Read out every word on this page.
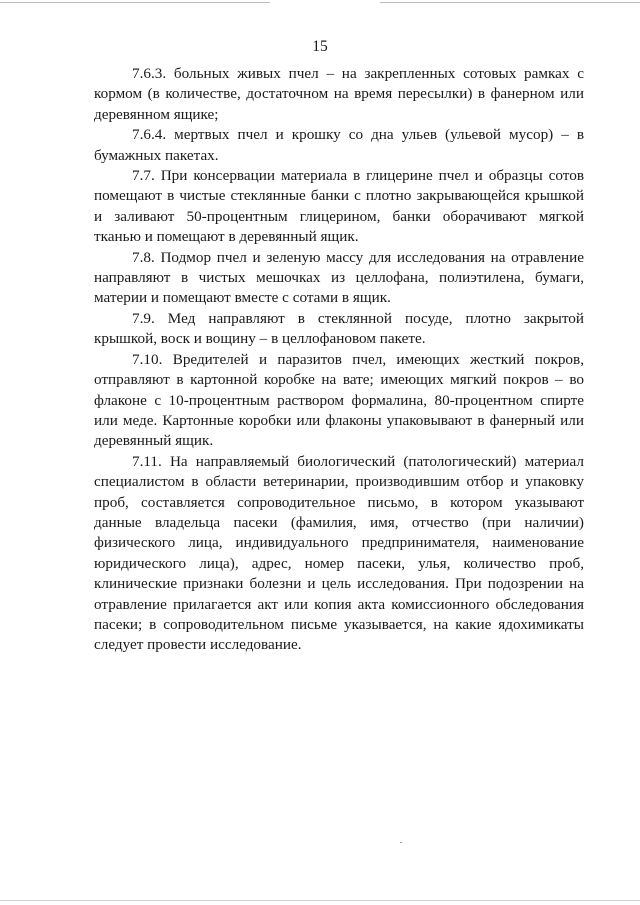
15

7.6.3. больных живых пчел – на закрепленных сотовых рамках с кормом (в количестве, достаточном на время пересылки) в фанерном или деревянном ящике;

7.6.4. мертвых пчел и крошку со дна ульев (ульевой мусор) – в бумажных пакетах.

7.7. При консервации материала в глицерине пчел и образцы сотов помещают в чистые стеклянные банки с плотно закрывающейся крышкой и заливают 50-процентным глицерином, банки оборачивают мягкой тканью и помещают в деревянный ящик.

7.8. Подмор пчел и зеленую массу для исследования на отравление направляют в чистых мешочках из целлофана, полиэтилена, бумаги, материи и помещают вместе с сотами в ящик.

7.9. Мед направляют в стеклянной посуде, плотно закрытой крышкой, воск и вощину – в целлофановом пакете.

7.10. Вредителей и паразитов пчел, имеющих жесткий покров, отправляют в картонной коробке на вате; имеющих мягкий покров – во флаконе с 10-процентным раствором формалина, 80-процентном спирте или меде. Картонные коробки или флаконы упаковывают в фанерный или деревянный ящик.

7.11. На направляемый биологический (патологический) материал специалистом в области ветеринарии, производившим отбор и упаковку проб, составляется сопроводительное письмо, в котором указывают данные владельца пасеки (фамилия, имя, отчество (при наличии) физического лица, индивидуального предпринимателя, наименование юридического лица), адрес, номер пасеки, улья, количество проб, клинические признаки болезни и цель исследования. При подозрении на отравление прилагается акт или копия акта комиссионного обследования пасеки; в сопроводительном письме указывается, на какие ядохимикаты следует провести исследование.
